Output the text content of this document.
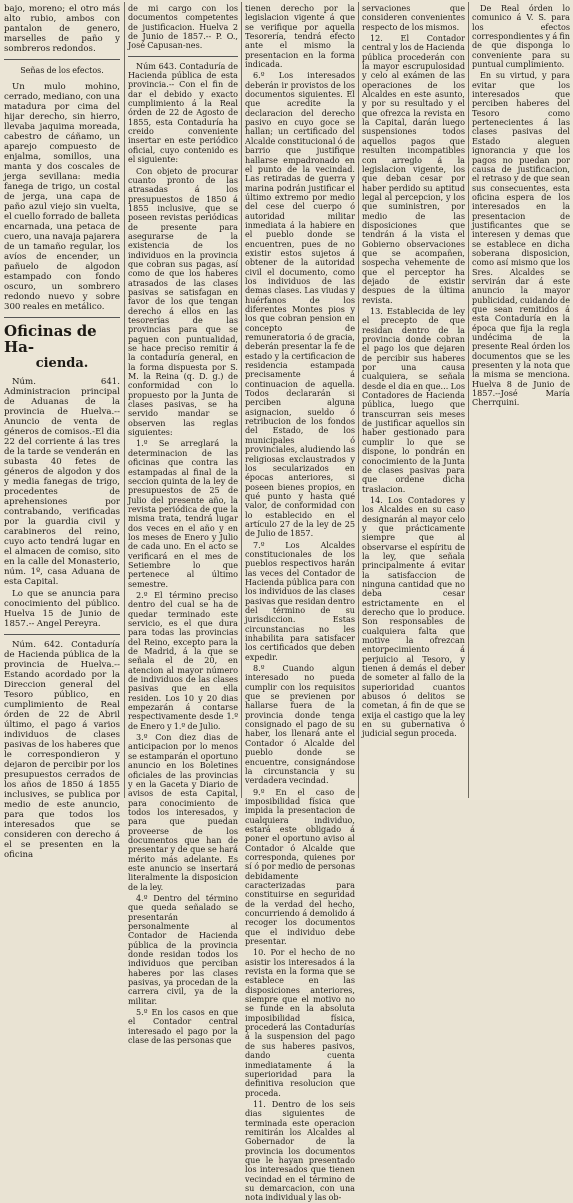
bajo, moreno; el otro más alto rubio, ambos con pantalon de genero, marselles de paño y sombreros redondos.

Señas de los efectos.

Un mulo mohino, cerrado, mediano, con una matadura por cima del hijar derecho, sin hierro, llevaba jaquima moreada, cabestro de cáñamo, un aparejo compuesto de enjalma, somillos, una manta y dos coscales de jerga sevillana: media fanega de trigo, un costal de jerga, una capa de paño azul viejo sin vuelta, el cuello forrado de balleta encarnada, una petaca de cuero, una navaja pajarera de un tamaño regular, los avíos de encender, un pañuelo de algodon estampado con fondo oscuro, un sombrero redondo nuevo y sobre 300 reales en metálico.

Oficinas de Ha-
cienda.

Núm. 641. Administracion principal de Aduanas de la provincia de Huelva.--Anuncio de venta de géneros de comisos.-El dia 22 del corriente á las tres de la tarde se venderán en subasta 40 fetes de géneros de algodon y dos y media fanegas de trigo, procedentes de aprehensiones por contrabando, verificadas por la guardia civil y carabineros del reino, cuyo acto tendrá lugar en el almacen de comiso, sito en la calle del Monasterio, núm. 1º, casa Aduana de esta Capital.

Lo que se anuncia para conocimiento del público. Huelva 15 de Junio de 1857.-- Angel Pereyra.

Núm. 642. Contaduría de Hacienda pública de la provincia de Huelva.--Estando acordado por la Direccion general del Tesoro público, en cumplimiento de Real órden de 22 de Abril último, el pago á varios individuos de clases pasivas de los haberes que le correspondieron y dejaron de percibir por los presupuestos cerrados de los años de 1850 á 1855 inclusives, se publica por medio de este anuncio, para que todos los interesados que se consideren con derecho á el se presenten en la oficina

de mi cargo con los documentos competentes de justificacion. Huelva 2 de Junio de 1857.-- P. O., José Capusan-nes.

Núm 643. Contaduría de Hacienda pública de esta provincia.-- Con el fin de dar el debido y exacto cumplimiento á la Real órden de 22 de Agosto de 1855, esta Contaduría ha creido conveniente insertar en este periódico oficial, cuyo contenido es el siguiente:

Con objeto de procurar cuanto pronto de las atrasadas á los presupuestos de 1850 á 1855 inclusive, que se poseen revistas periódicas de presente para asegurarse de la existencia de los individuos en la provincia que cobran sus pagas, así como de que los haberes atrasados de las clases pasivas se satisfagan en favor de los que tengan derecho á ellos en las tesorerías de las provincias para que se paguen con puntualidad, se hace preciso remitir á la contaduría general, en la forma dispuesta por S. M. la Reina (q. D. g.) de conformidad con lo propuesto por la Junta de clases pasivas, se ha servido mandar se observen las reglas siguientes:

1.º Se arreglará la determinacion de las oficinas que contra las estampadas al final de la seccion quinta de la ley de presupuestos de 25 de Julio del presente año, la revista periódica de que la misma trata, tendrá lugar dos veces en el año y en los meses de Enero y Julio de cada uno. En el acto se verificará en el mes de Setiembre lo que pertenece al último semestre.

2.º El término preciso dentro del cual se ha de quedar terminado este servicio, es el que dura para todas las provincias del Reino, excepto para la de Madrid, á la que se señala el de 20, en atencion al mayor número de individuos de las clases pasivas que en ella residen. Los 10 y 20 dias empezarán á contarse respectivamente desde 1.º de Enero y 1.º de Julio.

3.º Con diez dias de anticipacion por lo menos se estamparán el oportuno anuncio en los Boletines oficiales de las provincias y en la Gaceta y Diario de avisos de esta Capital, para conocimiento de todos los interesados, y para que puedan proveerse de los documentos que han de presentar y de que se hará mérito más adelante. Es este anuncio se insertará literalmente la disposicion de la ley.

4.º Dentro del término que queda señalado se presentarán personalmente al Contador de Hacienda pública de la provincia donde residan todos los individuos que perciban haberes por las clases pasivas, ya procedan de la carrera civil, ya de la militar.

5.º En los casos en que el Contador central interesado el pago por la clase de las personas que

tienen derecho por la legislacion vigente á que se verifique por aquella Tesorería, tendrá efecto ante el mismo la presentacion en la forma indicada.

6.º Los interesados deberán ir provistos de los documentos siguientes. El que acredite la declaracion del derecho pasivo en cuyo goce se hallan; un certificado del Alcalde constitucional ó de barrio que justifique hallarse empadronado en el punto de la vecindad. Las retiradas de guerra y marina podrán justificar el último extremo por medio del cese del cuerpo ó autoridad militar inmediata á la habiere en el pueblo donde se encuentren, pues de no existir estos sujetos á obtener de la autoridad civil el documento, como los individuos de las demas clases. Las viudas y huérfanos de los diferentes Montes pios y los que cobran pension en concepto de remuneratoria ó de gracia, deberán presentar la fe de estado y la certificacion de residencia estampada precisamente á continuacion de aquella. Todos declararán si perciben alguna asignacion, sueldo ó retribucion de los fondos del Estado, de los municipales ó provinciales, aludiendo las religiosas exclaustrados y los secularizados en épocas anteriores, si poseen bienes propios, en qué punto y hasta qué valor, de conformidad con lo establecido en el artículo 27 de la ley de 25 de Julio de 1857.

7.º Los Alcaldes constitucionales de los pueblos respectivos harán las veces del Contador de Hacienda pública para con los individuos de las clases pasivas que residan dentro del término de su jurisdiccion. Estas circunstancias no les inhabilita para satisfacer los certificados que deben expedir.

8.º Cuando algun interesado no pueda cumplir con los requisitos que se previenen por hallarse fuera de la provincia donde tenga consignado el pago de su haber, los llenará ante el Contador ó Alcalde del pueblo donde se encuentre, consignándose la circunstancia y su verdadera vecindad.

9.º En el caso de imposibilidad física que impida la presentacion de cualquiera individuo, estará este obligado á poner el oportuno aviso al Contador ó Alcalde que corresponda, quienes por sí ó por medio de personas debidamente caracterizadas para constituirse en seguridad de la verdad del hecho, concurriendo á demolido á recoger los documentos que el individuo debe presentar.

10. Por el hecho de no asistir los interesados á la revista en la forma que se establece en las disposiciones anteriores, siempre que el motivo no se funde en la absoluta imposibilidad física, procederá las Contadurías á la suspension del pago de sus haberes pasivos, dando cuenta inmediatamente á la superioridad para la definitiva resolucion que proceda.

11. Dentro de los seis dias siguientes de terminada este operacion remitirán los Alcaldes al Gobernador de la provincia los documentos que le hayan presentado los interesados que tienen vecindad en el término de su demarcacion, con una nota individual y las ob-

servaciones que consideren convenientes respecto de los mismos.

12. El Contador central y los de Hacienda pública procederán con la mayor escrupulosidad y celo al exámen de las operaciones de los Alcaldes en este asunto, y por su resultado y el que ofrezca la revista en la Capital, darán luego suspensiones todos aquellos pagos que resulten incompatibles con arreglo á la legislacion vigente, los que deban cesar por haber perdido su aptitud legal al percepcion, y los que suministren, por medio de las disposiciones que tendrán á la vista el Gobierno observaciones que se acompañen, sospecha vehemente de que el perceptor ha dejado de existir despues de la última revista.

13. Establecida de ley el precepto de que residan dentro de la provincia donde cobran el pago los que dejaren de percibir sus haberes por una causa cualquiera, se señala desde el dia en que... Los Contadores de Hacienda pública, luego que transcurran seis meses de justificar aquellos sin haber gestionado para cumplir lo que se dispone, lo pondrán en conocimiento de la Junta de clases pasivas para que ordene dicha traslacion.

14. Los Contadores y los Alcaldes en su caso designarán al mayor celo y que prácticamente siempre que al observarse el espíritu de la ley, que señala principalmente á evitar la satisfaccion de ninguna cantidad que no deba cesar estrictamente en el derecho que lo produce. Son responsables de cualquiera falta que motive la ofrezcan entorpecimiento á perjuicio al Tesoro, y tienen á demás el deber de someter al fallo de la superioridad cuantos abusos ó delitos se cometan, á fin de que se exija el castigo que la ley en su gubernativa ó judicial segun proceda.

De Real órden lo comunico á V. S. para los efectos correspondientes y á fin de que disponga lo conveniente para su puntual cumplimiento.

En su virtud, y para evitar que los interesados que perciben haberes del Tesoro como pertenecientes á las clases pasivas del Estado aleguen ignorancia y que los pagos no puedan por causa de justificacion, el retraso y de que sean sus consecuentes, esta oficina espera de los interesados en la presentacion de justificantes que se interesen y demas que se establece en dicha soberana disposicion, como así mismo que los Sres. Alcaldes se servirán dar á este anuncio la mayor publicidad, cuidando de que sean remitidos á esta Contaduría en la época que fija la regla undécima de la presente Real órden los documentos que se les presenten y la nota que la misma se menciona. Huelva 8 de Junio de 1857.--José María Cherrquini.
